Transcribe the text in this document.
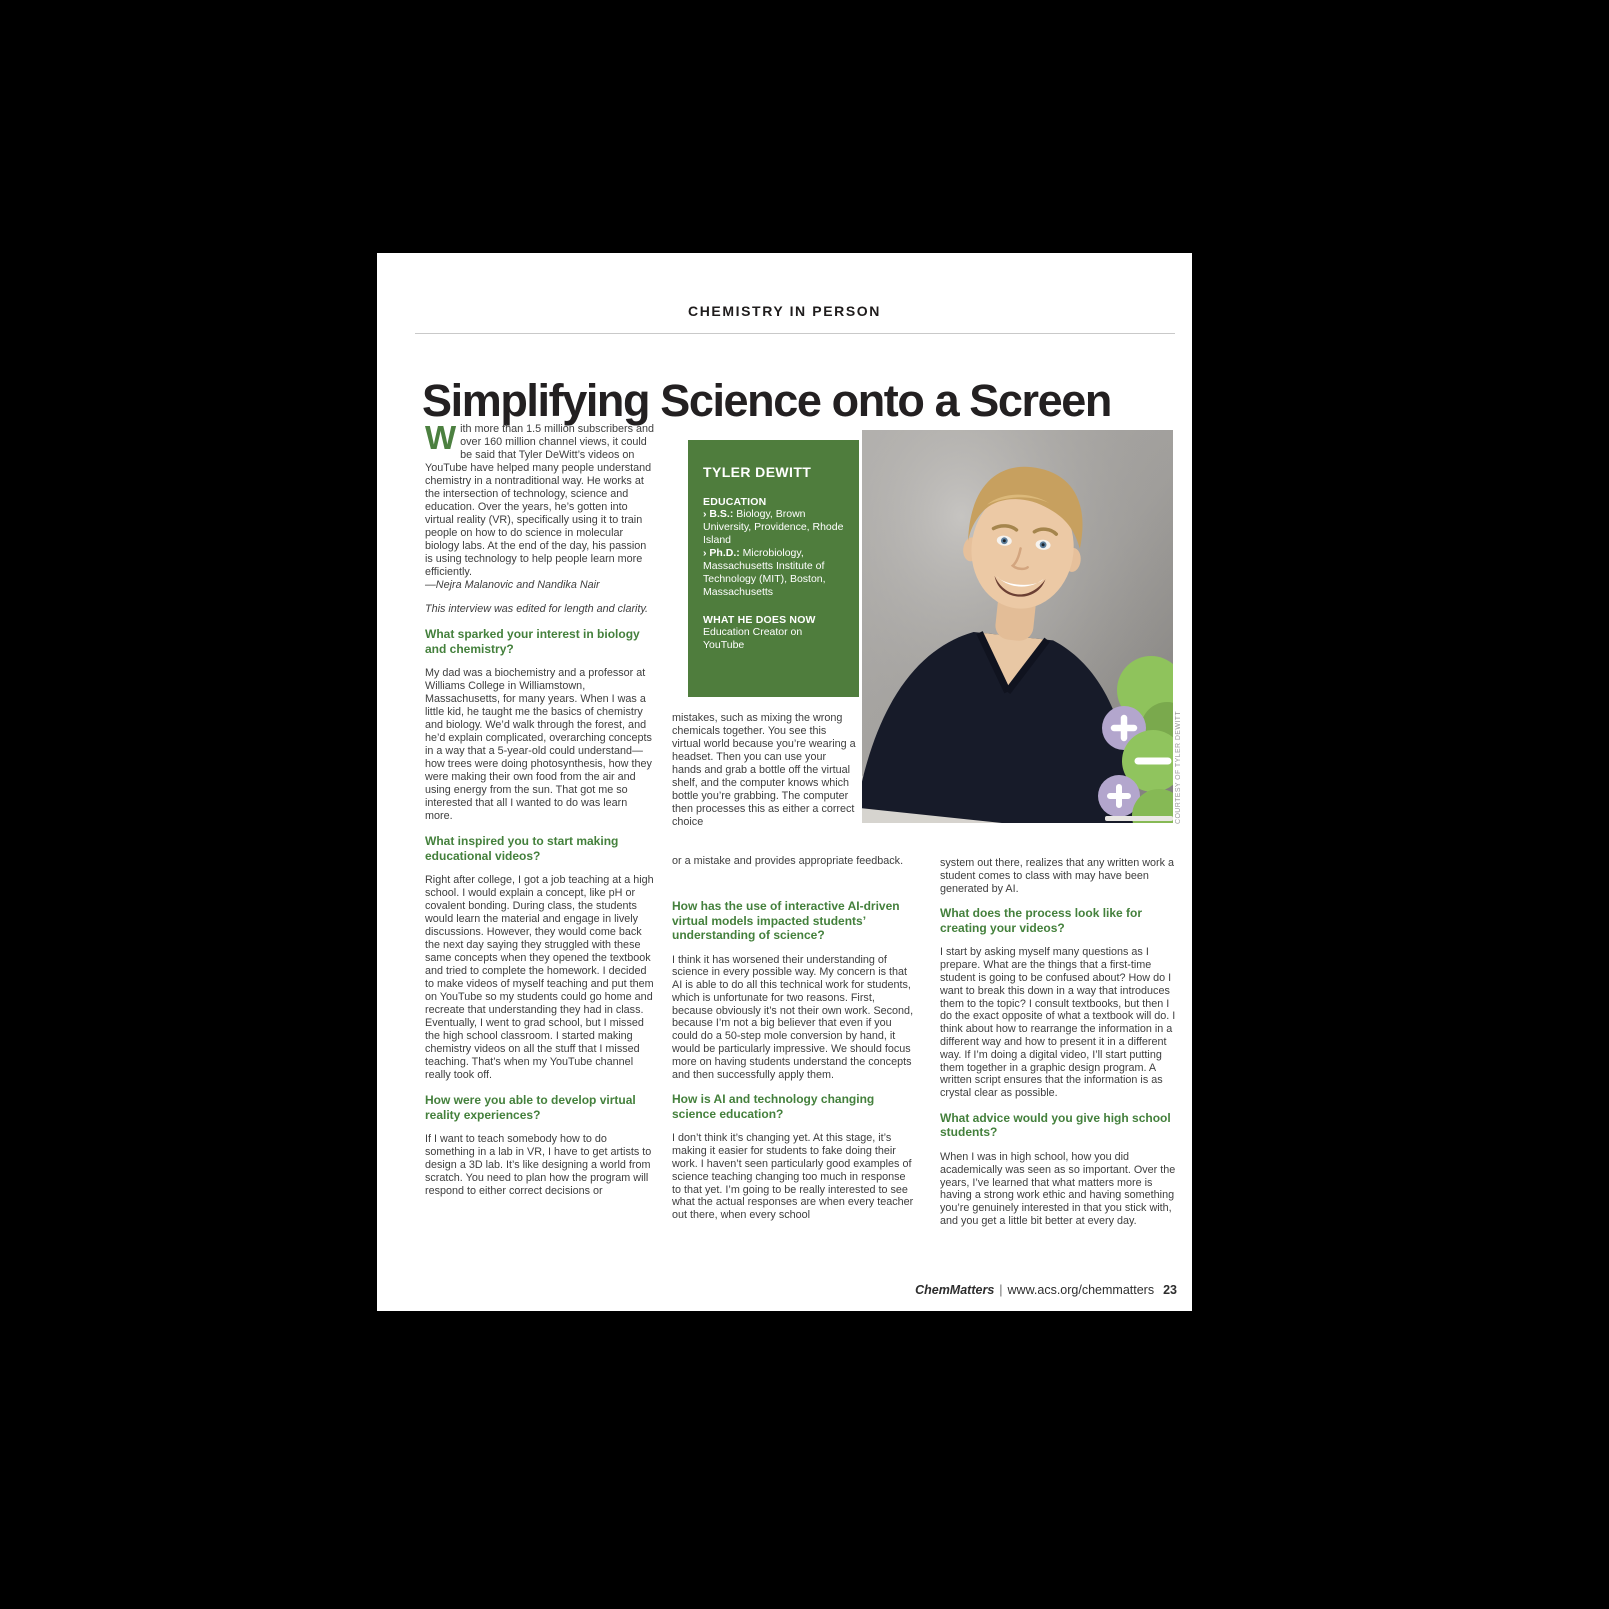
CHEMISTRY IN PERSON
Simplifying Science onto a Screen

With more than 1.5 million subscribers and over 160 million channel views, it could be said that Tyler DeWitt’s videos on YouTube have helped many people understand chemistry in a nontraditional way. He works at the intersection of technology, science and education. Over the years, he’s gotten into virtual reality (VR), specifically using it to train people on how to do science in molecular biology labs. At the end of the day, his passion is using technology to help people learn more efficiently.

—Nejra Malanovic and Nandika Nair

This interview was edited for length and clarity.

What sparked your interest in biology and chemistry?

My dad was a biochemistry and a professor at Williams College in Williamstown, Massachusetts, for many years. When I was a little kid, he taught me the basics of chemistry and biology. We’d walk through the forest, and he’d explain complicated, overarching concepts in a way that a 5-year-old could understand—how trees were doing photosynthesis, how they were making their own food from the air and using energy from the sun. That got me so interested that all I wanted to do was learn more.

What inspired you to start making educational videos?

Right after college, I got a job teaching at a high school. I would explain a concept, like pH or covalent bonding. During class, the students would learn the material and engage in lively discussions. However, they would come back the next day saying they struggled with these same concepts when they opened the textbook and tried to complete the homework. I decided to make videos of myself teaching and put them on YouTube so my students could go home and recreate that understanding they had in class. Eventually, I went to grad school, but I missed the high school classroom. I started making chemistry videos on all the stuff that I missed teaching. That’s when my YouTube channel really took off.

How were you able to develop virtual reality experiences?

If I want to teach somebody how to do something in a lab in VR, I have to get artists to design a 3D lab. It’s like designing a world from scratch. You need to plan how the program will respond to either correct decisions or

TYLER DEWITT

EDUCATION

› B.S.: Biology, Brown University, Providence, Rhode Island

› Ph.D.: Microbiology, Massachusetts Institute of Technology (MIT), Boston, Massachusetts

WHAT HE DOES NOW

Education Creator on YouTube

COURTESY OF TYLER DEWITT

mistakes, such as mixing the wrong chemicals together. You see this virtual world because you’re wearing a headset. Then you can use your hands and grab a bottle off the virtual shelf, and the computer knows which bottle you’re grabbing. The computer then processes this as either a correct choice

or a mistake and provides appropriate feedback.

How has the use of interactive AI-driven virtual models impacted students’ understanding of science?

I think it has worsened their understanding of science in every possible way. My concern is that AI is able to do all this technical work for students, which is unfortunate for two reasons. First, because obviously it’s not their own work. Second, because I’m not a big believer that even if you could do a 50-step mole conversion by hand, it would be particularly impressive. We should focus more on having students understand the concepts and then successfully apply them.

How is AI and technology changing science education?

I don’t think it’s changing yet. At this stage, it’s making it easier for students to fake doing their work. I haven’t seen particularly good examples of science teaching changing too much in response to that yet. I’m going to be really interested to see what the actual responses are when every teacher out there, when every school

system out there, realizes that any written work a student comes to class with may have been generated by AI.

What does the process look like for creating your videos?

I start by asking myself many questions as I prepare. What are the things that a first-time student is going to be confused about? How do I want to break this down in a way that introduces them to the topic? I consult textbooks, but then I do the exact opposite of what a textbook will do. I think about how to rearrange the information in a different way and how to present it in a different way. If I’m doing a digital video, I’ll start putting them together in a graphic design program. A written script ensures that the information is as crystal clear as possible.

What advice would you give high school students?

When I was in high school, how you did academically was seen as so important. Over the years, I’ve learned that what matters more is having a strong work ethic and having something you’re genuinely interested in that you stick with, and you get a little bit better at every day.

ChemMatters | www.acs.org/chemmatters 23
